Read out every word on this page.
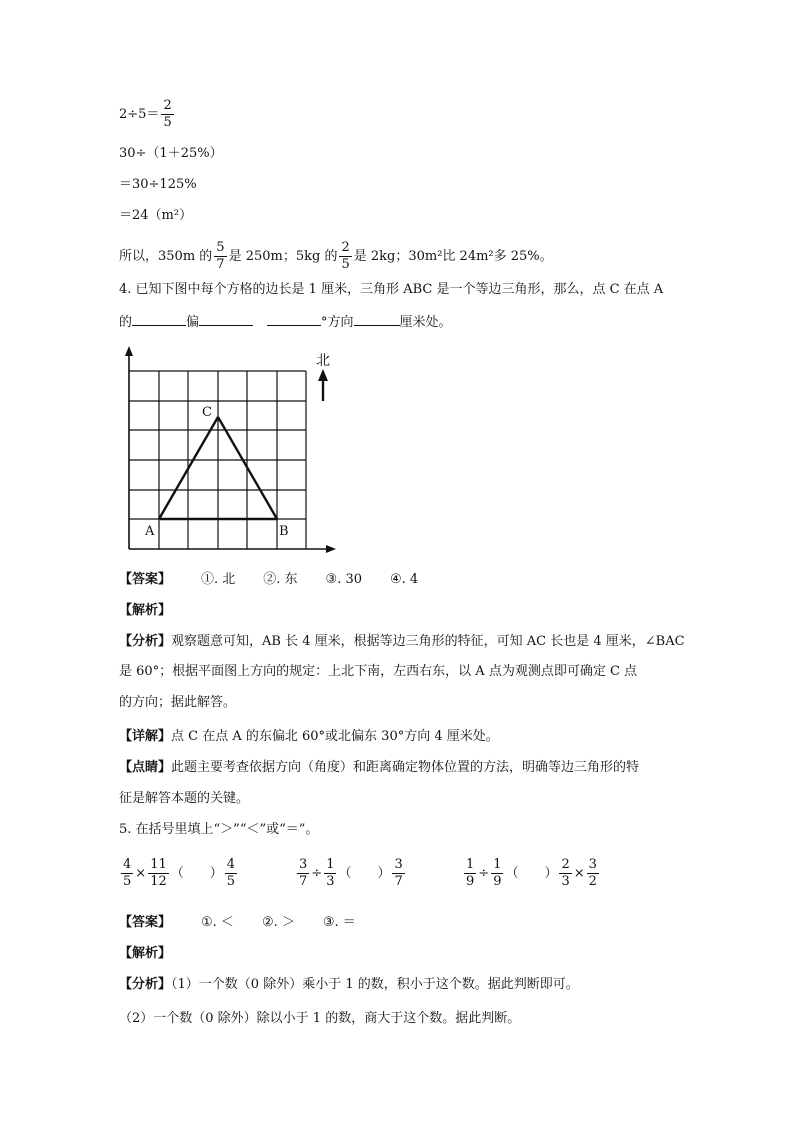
$2\div 5= \frac{2}{5}$
30÷（1＋25%）
＝30÷125%
＝24（m²）
所以，350m 的 $\frac{5}{7}$ 是 250m；5kg 的 $\frac{2}{5}$ 是 2kg；30m²比 24m²多 25%。
4. 已知下图中每个方格的边长是 1 厘米，三角形 ABC 是一个等边三角形，那么，点 C 在点 A
的	偏	°方向	厘米处。
A	B
C
北
【答案】 ①. 北 ②. 东 ③. 30 ④. 4
【解析】
【分析】观察题意可知，AB 长 4 厘米，根据等边三角形的特征，可知 AC 长也是 4 厘米，∠BAC
是 60°；根据平面图上方向的规定：上北下南，左西右东，以 A 点为观测点即可确定 C 点
的方向；据此解答。
【详解】点 C 在点 A 的东偏北 60°或北偏东 30°方向 4 厘米处。
【点睛】此题主要考查依据方向（角度）和距离确定物体位置的方法，明确等边三角形的特
征是解答本题的关键。
5. 在括号里填上“＞”“＜”或“＝”。
$\frac{4}{5} \times \frac{11}{12}$ （　　） $\frac{4}{5}$	$\frac{3}{7} \div \frac{1}{3}$ （　　） $\frac{3}{7}$	$\frac{1}{9} \div \frac{1}{9}$ （　　） $\frac{2}{3} \times \frac{3}{2}$
【答案】 ①. ＜ ②. ＞ ③. ＝
【解析】
【分析】（1）一个数（0 除外）乘小于 1 的数，积小于这个数。据此判断即可。
（2）一个数（0 除外）除以小于 1 的数，商大于这个数。据此判断。
